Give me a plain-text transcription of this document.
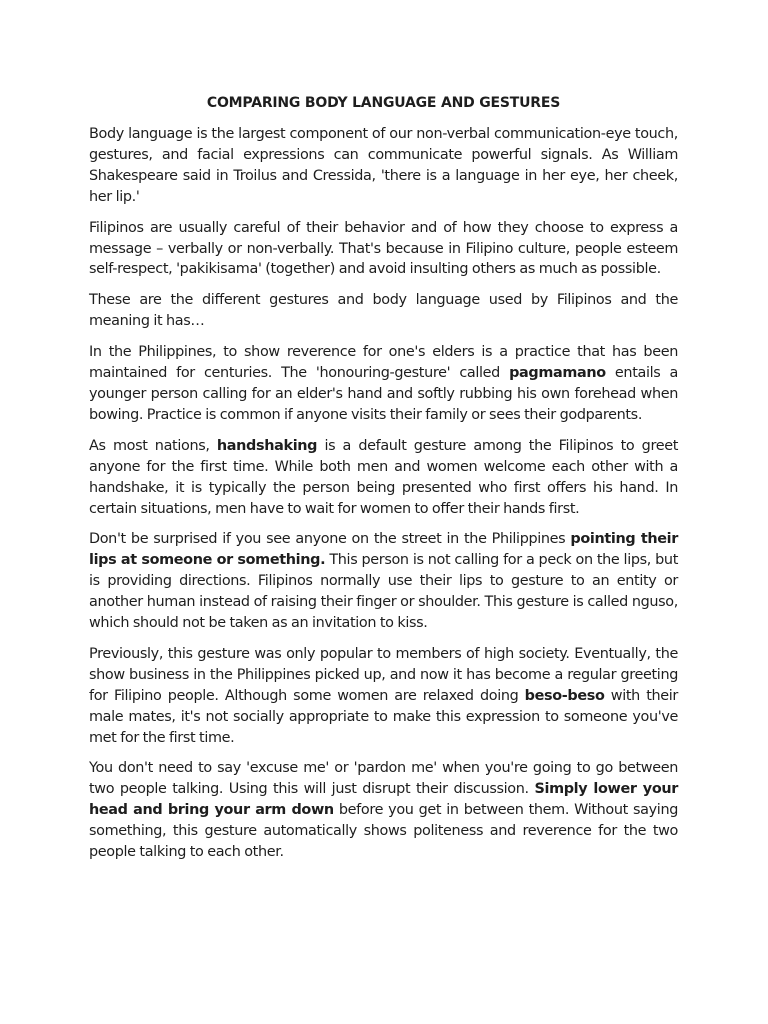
COMPARING BODY LANGUAGE AND GESTURES

Body language is the largest component of our non-verbal communication-eye touch, gestures, and facial expressions can communicate powerful signals. As William Shakespeare said in Troilus and Cressida, 'there is a language in her eye, her cheek, her lip.'

Filipinos are usually careful of their behavior and of how they choose to express a message – verbally or non-verbally. That's because in Filipino culture, people esteem self-respect, 'pakikisama' (together) and avoid insulting others as much as possible.

These are the different gestures and body language used by Filipinos and the meaning it has…

In the Philippines, to show reverence for one's elders is a practice that has been maintained for centuries. The 'honouring-gesture' called pagmamano entails a younger person calling for an elder's hand and softly rubbing his own forehead when bowing. Practice is common if anyone visits their family or sees their godparents.

As most nations, handshaking is a default gesture among the Filipinos to greet anyone for the first time. While both men and women welcome each other with a handshake, it is typically the person being presented who first offers his hand. In certain situations, men have to wait for women to offer their hands first.

Don't be surprised if you see anyone on the street in the Philippines pointing their lips at someone or something. This person is not calling for a peck on the lips, but is providing directions. Filipinos normally use their lips to gesture to an entity or another human instead of raising their finger or shoulder. This gesture is called nguso, which should not be taken as an invitation to kiss.

Previously, this gesture was only popular to members of high society. Eventually, the show business in the Philippines picked up, and now it has become a regular greeting for Filipino people. Although some women are relaxed doing beso-beso with their male mates, it's not socially appropriate to make this expression to someone you've met for the first time.

You don't need to say 'excuse me' or 'pardon me' when you're going to go between two people talking. Using this will just disrupt their discussion. Simply lower your head and bring your arm down before you get in between them. Without saying something, this gesture automatically shows politeness and reverence for the two people talking to each other.
